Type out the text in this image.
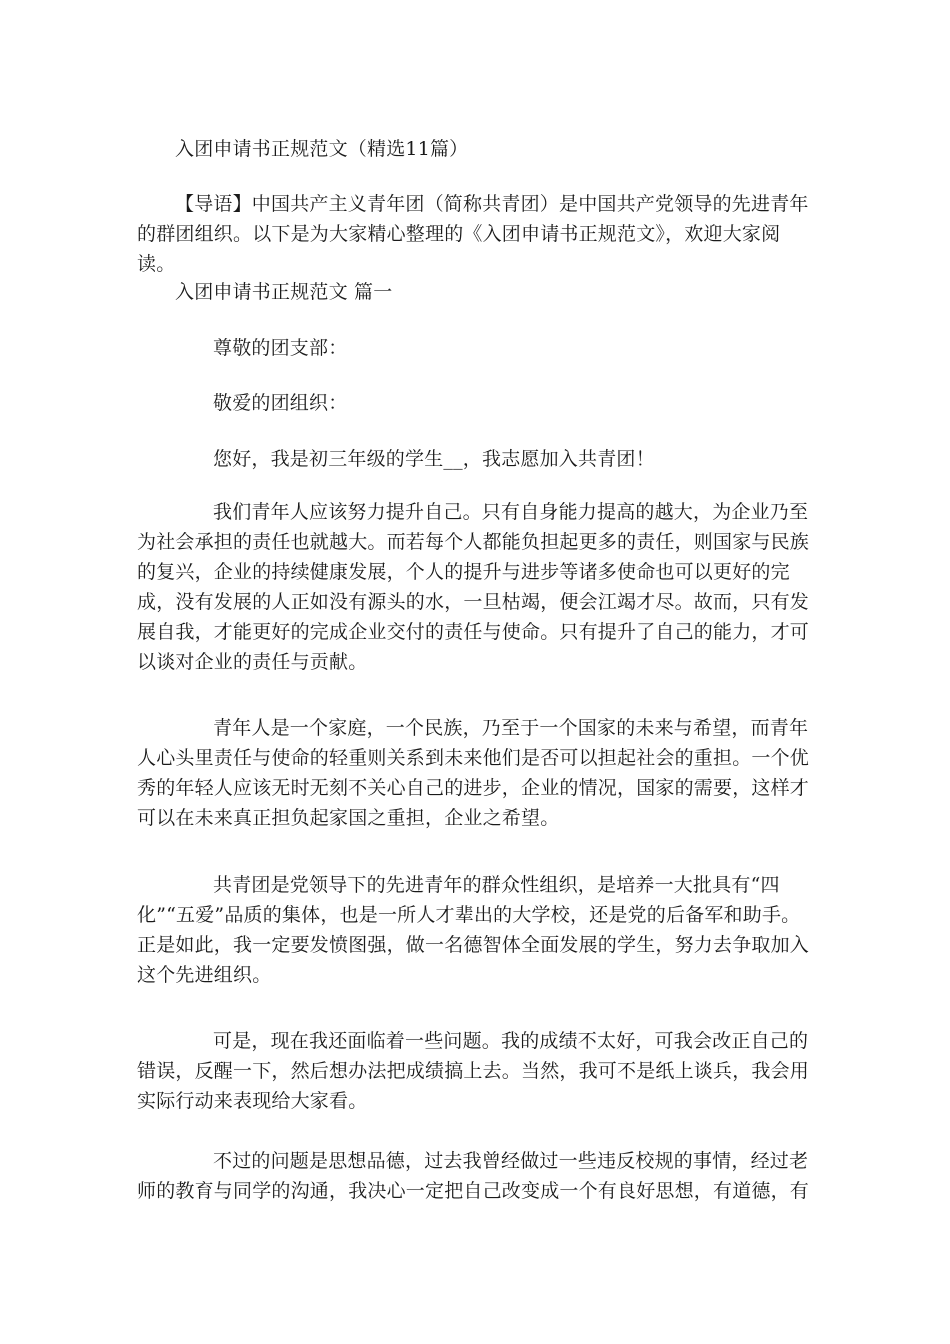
入团申请书正规范文（精选11篇）
【导语】中国共产主义青年团（简称共青团）是中国共产党领导的先进青年的群团组织。以下是为大家精心整理的《入团申请书正规范文》，欢迎大家阅读。
入团申请书正规范文 篇一
尊敬的团支部：
敬爱的团组织：
您好，我是初三年级的学生__，我志愿加入共青团！
我们青年人应该努力提升自己。只有自身能力提高的越大，为企业乃至为社会承担的责任也就越大。而若每个人都能负担起更多的责任，则国家与民族的复兴，企业的持续健康发展，个人的提升与进步等诸多使命也可以更好的完成，没有发展的人正如没有源头的水，一旦枯竭，便会江竭才尽。故而，只有发展自我，才能更好的完成企业交付的责任与使命。只有提升了自己的能力，才可以谈对企业的责任与贡献。
青年人是一个家庭，一个民族，乃至于一个国家的未来与希望，而青年人心头里责任与使命的轻重则关系到未来他们是否可以担起社会的重担。一个优秀的年轻人应该无时无刻不关心自己的进步，企业的情况，国家的需要，这样才可以在未来真正担负起家国之重担，企业之希望。
共青团是党领导下的先进青年的群众性组织，是培养一大批具有“四化”“五爱”品质的集体，也是一所人才辈出的大学校，还是党的后备军和助手。正是如此，我一定要发愤图强，做一名德智体全面发展的学生，努力去争取加入这个先进组织。
可是，现在我还面临着一些问题。我的成绩不太好，可我会改正自己的错误，反醒一下，然后想办法把成绩搞上去。当然，我可不是纸上谈兵，我会用实际行动来表现给大家看。
不过的问题是思想品德，过去我曾经做过一些违反校规的事情，经过老师的教育与同学的沟通，我决心一定把自己改变成一个有良好思想，有道德，有
